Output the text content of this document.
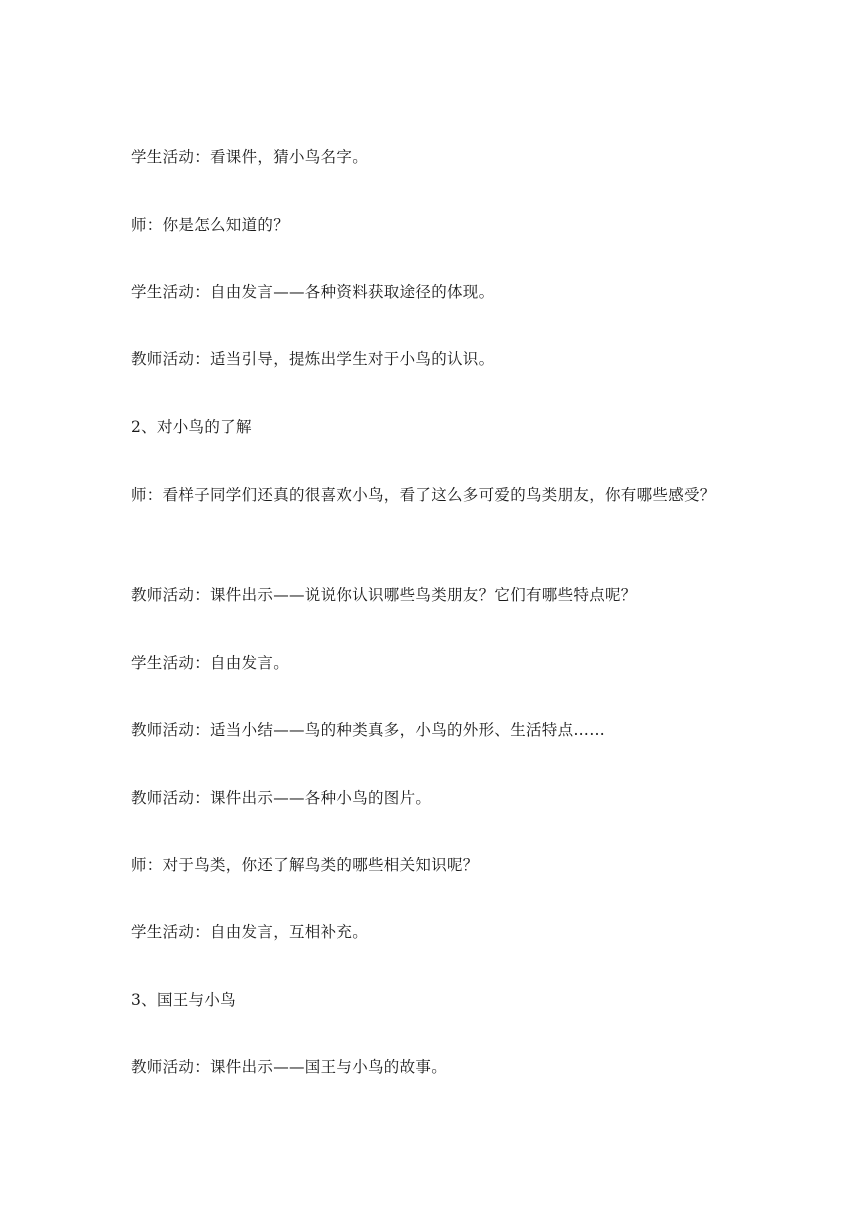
学生活动：看课件，猜小鸟名字。

师：你是怎么知道的？

学生活动：自由发言——各种资料获取途径的体现。

教师活动：适当引导，提炼出学生对于小鸟的认识。

2、对小鸟的了解

师：看样子同学们还真的很喜欢小鸟，看了这么多可爱的鸟类朋友，你有哪些感受？

教师活动：课件出示——说说你认识哪些鸟类朋友？它们有哪些特点呢？

学生活动：自由发言。

教师活动：适当小结——鸟的种类真多，小鸟的外形、生活特点……

教师活动：课件出示——各种小鸟的图片。

师：对于鸟类，你还了解鸟类的哪些相关知识呢？

学生活动：自由发言，互相补充。

3、国王与小鸟

教师活动：课件出示——国王与小鸟的故事。
